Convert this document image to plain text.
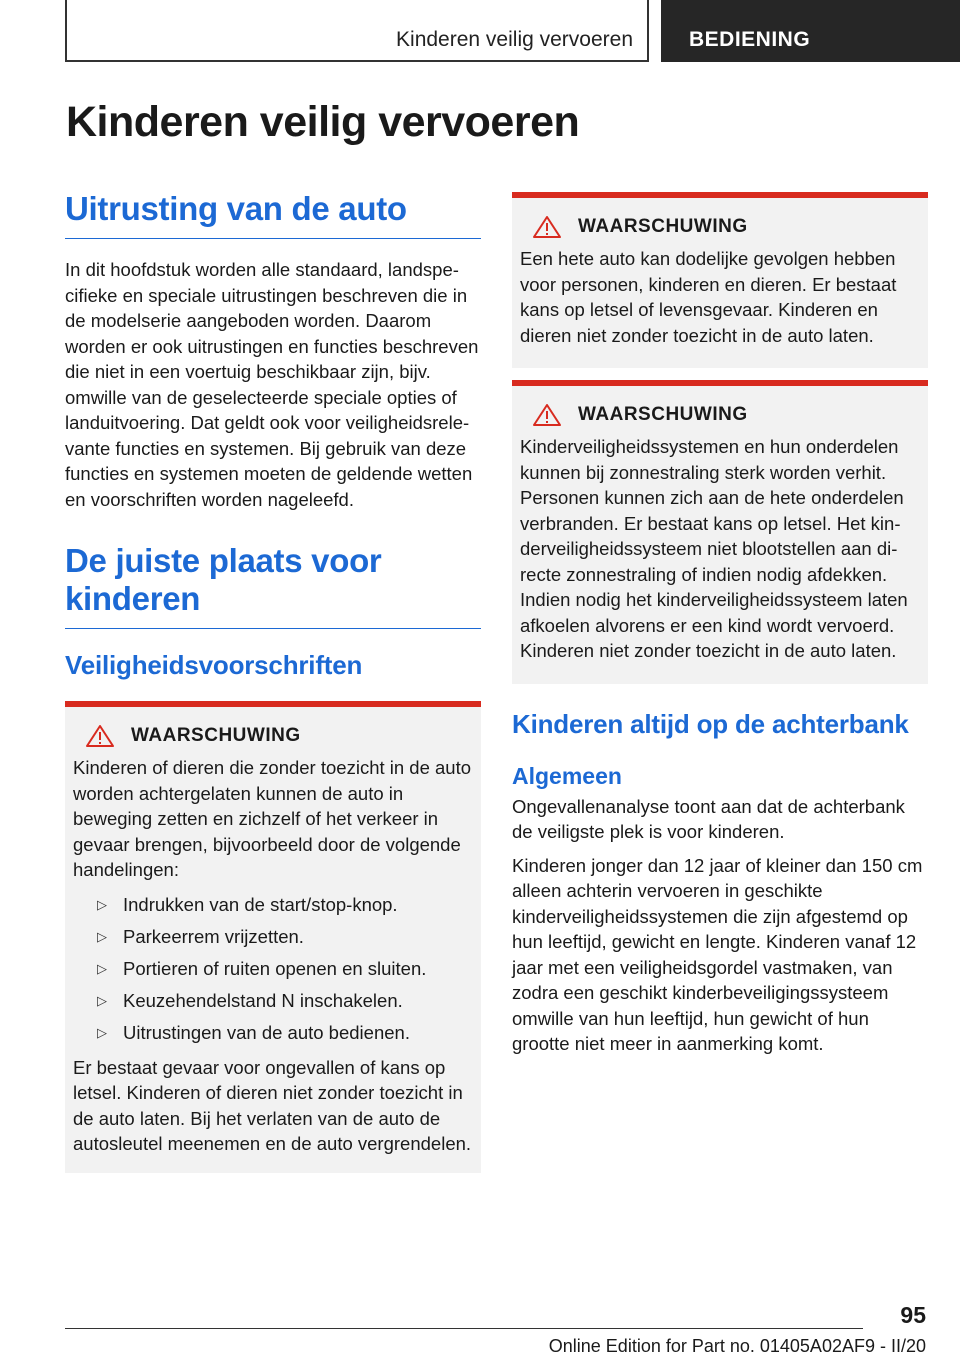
Kinderen veilig vervoeren	BEDIENING
Kinderen veilig vervoeren
Uitrusting van de auto

In dit hoofdstuk worden alle standaard, landspecifieke en speciale uitrustingen beschreven die in de modelserie aangeboden worden. Daarom worden er ook uitrustingen en functies beschreven die niet in een voertuig beschikbaar zijn, bijv. omwille van de geselecteerde speciale opties of landuitvoering. Dat geldt ook voor veiligheidsrelevante functies en systemen. Bij gebruik van deze functies en systemen moeten de geldende wetten en voorschriften worden nageleefd.

De juiste plaats voor kinderen
Veiligheidsvoorschriften
WAARSCHUWING

Kinderen of dieren die zonder toezicht in de auto worden achtergelaten kunnen de auto in beweging zetten en zichzelf of het verkeer in gevaar brengen, bijvoorbeeld door de volgende handelingen:

▷ Indrukken van de start/stop-knop.
▷ Parkeerrem vrijzetten.
▷ Portieren of ruiten openen en sluiten.
▷ Keuzehendelstand N inschakelen.
▷ Uitrustingen van de auto bedienen.

Er bestaat gevaar voor ongevallen of kans op letsel. Kinderen of dieren niet zonder toezicht in de auto laten. Bij het verlaten van de auto de autosleutel meenemen en de auto vergrendelen.

WAARSCHUWING

Een hete auto kan dodelijke gevolgen hebben voor personen, kinderen en dieren. Er bestaat kans op letsel of levensgevaar. Kinderen en dieren niet zonder toezicht in de auto laten.

WAARSCHUWING

Kinderveiligheidssystemen en hun onderdelen kunnen bij zonnestraling sterk worden verhit. Personen kunnen zich aan de hete onderdelen verbranden. Er bestaat kans op letsel. Het kinderveiligheidssysteem niet blootstellen aan directe zonnestraling of indien nodig afdekken. Indien nodig het kinderveiligheidssysteem laten afkoelen alvorens er een kind wordt vervoerd. Kinderen niet zonder toezicht in de auto laten.

Kinderen altijd op de achterbank
Algemeen

Ongevallenanalyse toont aan dat de achterbank de veiligste plek is voor kinderen.

Kinderen jonger dan 12 jaar of kleiner dan 150 cm alleen achterin vervoeren in geschikte kinderveiligheidssystemen die zijn afgestemd op hun leeftijd, gewicht en lengte. Kinderen vanaf 12 jaar met een veiligheidsgordel vastmaken, van zodra een geschikt kinderbeveiligingssysteem omwille van hun leeftijd, hun gewicht of hun grootte niet meer in aanmerking komt.

95
Online Edition for Part no. 01405A02AF9 - II/20
